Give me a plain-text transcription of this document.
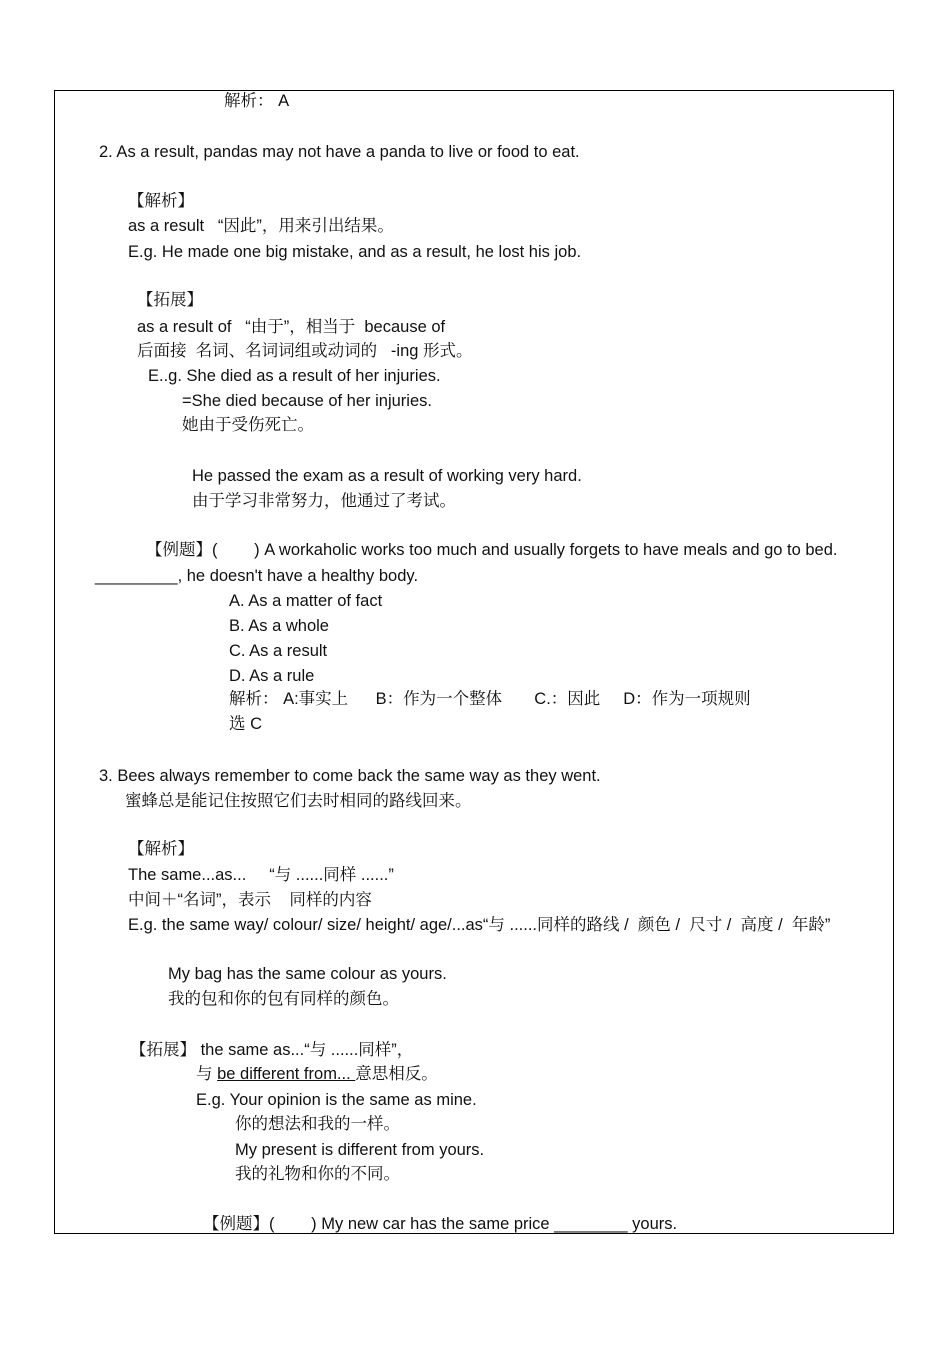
解析： A
2. As a result, pandas may not have a panda to live or food to eat.
【解析】
as a result   “因此”，用来引出结果。
E.g. He made one big mistake, and as a result, he lost his job.
【拓展】
as a result of   “由于”，相当于  because of
后面接  名词、名词词组或动词的   -ing 形式。
E..g. She died as a result of her injuries.
=She died because of her injuries.
她由于受伤死亡。
He passed the exam as a result of working very hard.
由于学习非常努力，他通过了考试。
【例题】(        ) A workaholic works too much and usually forgets to have meals and go to bed.
_________, he doesn't have a healthy body.
A. As a matter of fact
B. As a whole
C. As a result
D. As a rule
解析： A:事实上      B：作为一个整体       C.：因此     D：作为一项规则
选 C
3. Bees always remember to come back the same way as they went.
蜜蜂总是能记住按照它们去时相同的路线回来。
【解析】
The same...as...     “与 ......同样 ......”
中间＋“名词”，表示    同样的内容
E.g. the same way/ colour/ size/ height/ age/...as“与 ......同样的路线 /  颜色 /  尺寸 /  高度 /  年龄”
My bag has the same colour as yours.
我的包和你的包有同样的颜色。
【拓展】 the same as...“与 ......同样”，
与 be different from... 意思相反。
E.g. Your opinion is the same as mine.
你的想法和我的一样。
My present is different from yours.
我的礼物和你的不同。
【例题】(        ) My new car has the same price ________ yours.
